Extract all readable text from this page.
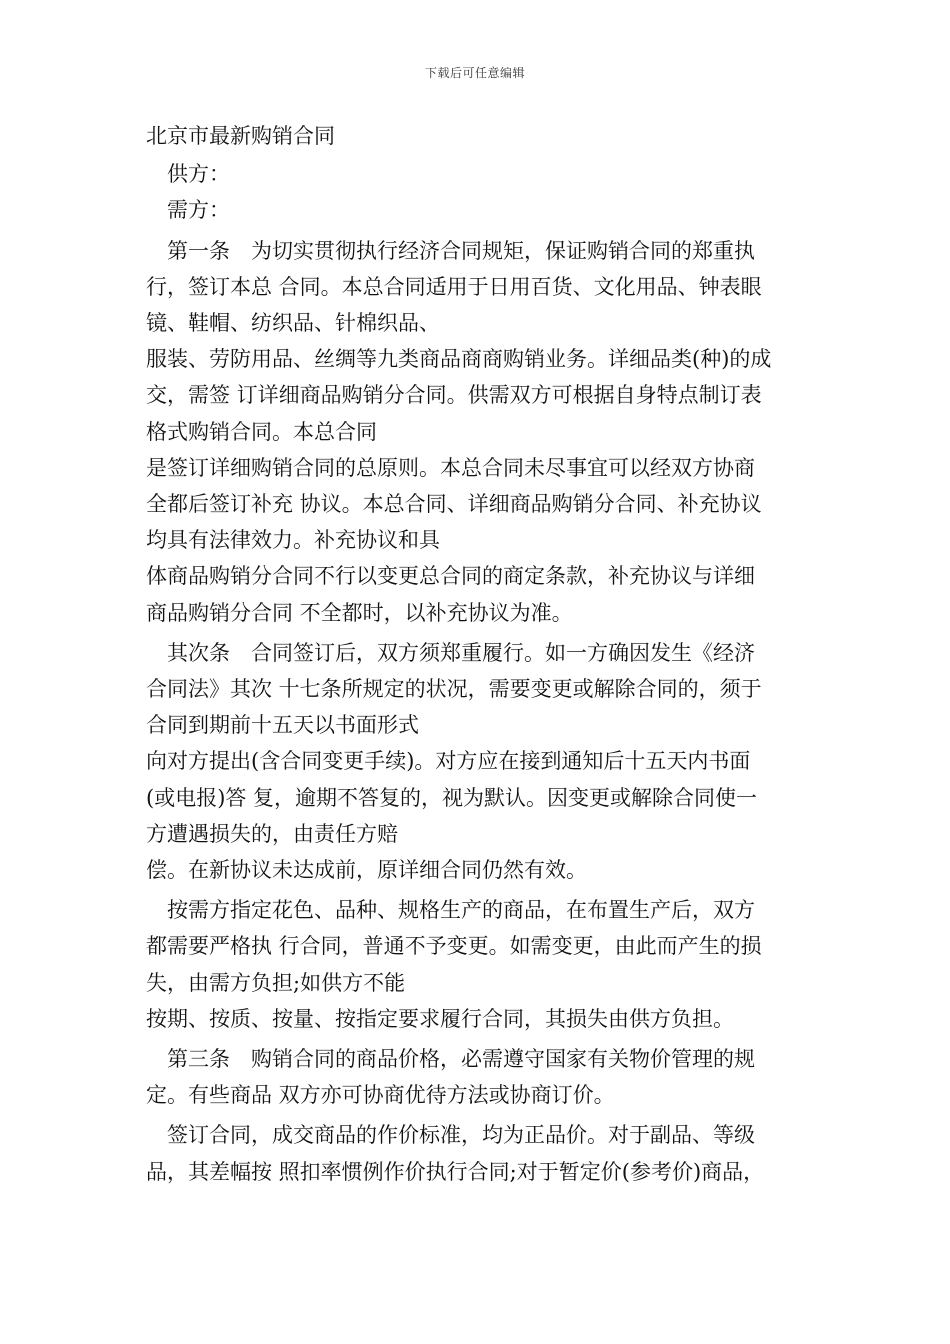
下载后可任意编辑
北京市最新购销合同
　供方：
　需方：
　第一条　为切实贯彻执行经济合同规矩，保证购销合同的郑重执
行，签订本总 合同。本总合同适用于日用百货、文化用品、钟表眼
镜、鞋帽、纺织品、针棉织品、
服装、劳防用品、丝绸等九类商品商商购销业务。详细品类(种)的成
交，需签 订详细商品购销分合同。供需双方可根据自身特点制订表
格式购销合同。本总合同
是签订详细购销合同的总原则。本总合同未尽事宜可以经双方协商
全都后签订补充 协议。本总合同、详细商品购销分合同、补充协议
均具有法律效力。补充协议和具
体商品购销分合同不行以变更总合同的商定条款，补充协议与详细
商品购销分合同 不全都时，以补充协议为准。
　其次条　合同签订后，双方须郑重履行。如一方确因发生《经济
合同法》其次 十七条所规定的状况，需要变更或解除合同的，须于
合同到期前十五天以书面形式
向对方提出(含合同变更手续)。对方应在接到通知后十五天内书面
(或电报)答 复，逾期不答复的，视为默认。因变更或解除合同使一
方遭遇损失的，由责任方赔
偿。在新协议未达成前，原详细合同仍然有效。
　按需方指定花色、品种、规格生产的商品，在布置生产后，双方
都需要严格执 行合同，普通不予变更。如需变更，由此而产生的损
失，由需方负担;如供方不能
按期、按质、按量、按指定要求履行合同，其损失由供方负担。
　第三条　购销合同的商品价格，必需遵守国家有关物价管理的规
定。有些商品 双方亦可协商优待方法或协商订价。
　签订合同，成交商品的作价标准，均为正品价。对于副品、等级
品，其差幅按 照扣率惯例作价执行合同;对于暂定价(参考价)商品，
